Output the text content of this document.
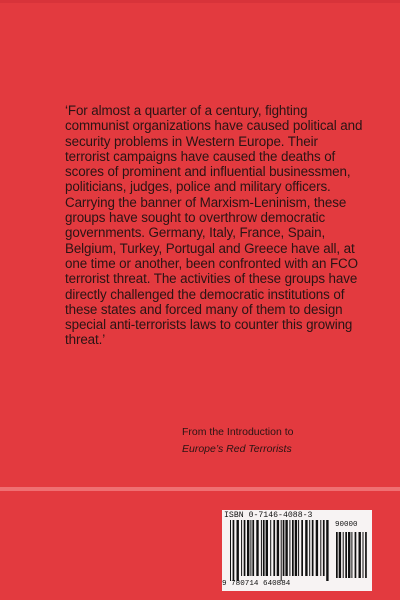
‘For almost a quarter of a century, fighting communist organizations have caused political and security problems in Western Europe. Their terrorist campaigns have caused the deaths of scores of prominent and influential businessmen, politicians, judges, police and military officers. Carrying the banner of Marxism-Leninism, these groups have sought to overthrow democratic governments. Germany, Italy, France, Spain, Belgium, Turkey, Portugal and Greece have all, at one time or another, been confronted with an FCO terrorist threat. The activities of these groups have directly challenged the democratic institutions of these states and forced many of them to design special anti-terrorists laws to counter this growing threat.’

From the Introduction to
Europe’s Red Terrorists
ISBN 0-7146-4088-3
90000
9 780714 640884
